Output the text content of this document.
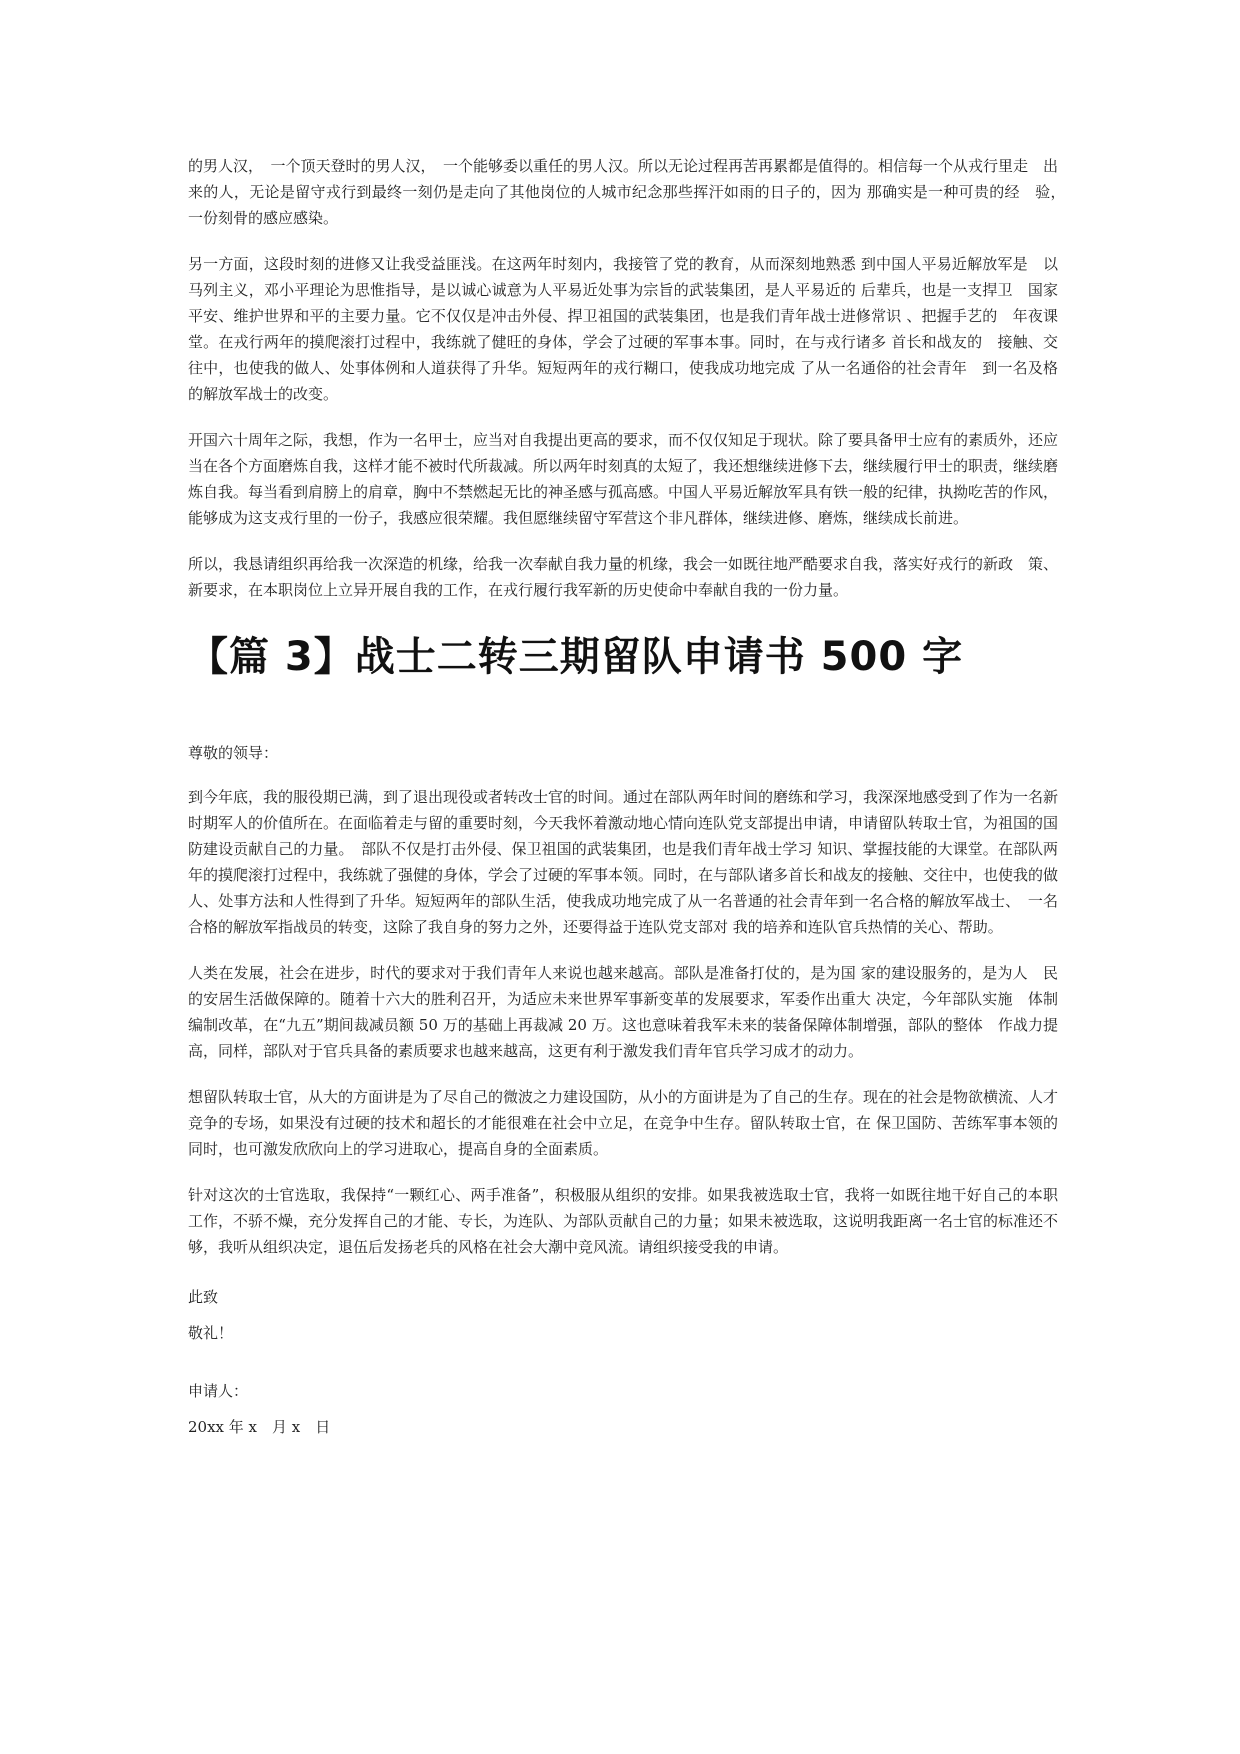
的男人汉，　一个顶天登时的男人汉，　一个能够委以重任的男人汉。所以无论过程再苦再累都是值得的。相信每一个从戎行里走　出来的人，无论是留守戎行到最终一刻仍是走向了其他岗位的人城市纪念那些挥汗如雨的日子的，因为 那确实是一种可贵的经　验，　一份刻骨的感应感染。

另一方面，这段时刻的进修又让我受益匪浅。在这两年时刻内，我接管了党的教育，从而深刻地熟悉 到中国人平易近解放军是　以马列主义，邓小平理论为思惟指导，是以诚心诚意为人平易近处事为宗旨的武装集团，是人平易近的 后辈兵，也是一支捍卫　国家平安、维护世界和平的主要力量。它不仅仅是冲击外侵、捍卫祖国的武装集团，也是我们青年战士进修常识 、把握手艺的　年夜课堂。在戎行两年的摸爬滚打过程中，我练就了健旺的身体，学会了过硬的军事本事。同时，在与戎行诸多 首长和战友的　接触、交往中，也使我的做人、处事体例和人道获得了升华。短短两年的戎行糊口，使我成功地完成 了从一名通俗的社会青年　到一名及格的解放军战士的改变。

开国六十周年之际，我想，作为一名甲士，应当对自我提出更高的要求，而不仅仅知足于现状。除了要具备甲士应有的素质外，还应当在各个方面磨炼自我，这样才能不被时代所裁减。所以两年时刻真的太短了，我还想继续进修下去，继续履行甲士的职责，继续磨炼自我。每当看到肩膀上的肩章，胸中不禁燃起无比的神圣感与孤高感。中国人平易近解放军具有铁一般的纪律，执拗吃苦的作风，能够成为这支戎行里的一份子，我感应很荣耀。我但愿继续留守军营这个非凡群体，继续进修、磨炼，继续成长前进。

所以，我恳请组织再给我一次深造的机缘，给我一次奉献自我力量的机缘，我会一如既往地严酷要求自我，落实好戎行的新政　策、新要求，在本职岗位上立异开展自我的工作，在戎行履行我军新的历史使命中奉献自我的一份力量。

【篇 3】战士二转三期留队申请书 500 字

尊敬的领导：

到今年底，我的服役期已满，到了退出现役或者转改士官的时间。通过在部队两年时间的磨练和学习，我深深地感受到了作为一名新时期军人的价值所在。在面临着走与留的重要时刻，今天我怀着激动地心情向连队党支部提出申请，申请留队转取士官，为祖国的国防建设贡献自己的力量。　部队不仅是打击外侵、保卫祖国的武装集团，也是我们青年战士学习 知识、掌握技能的大课堂。在部队两年的摸爬滚打过程中，我练就了强健的身体，学会了过硬的军事本领。同时，在与部队诸多首长和战友的接触、交往中，也使我的做人、处事方法和人性得到了升华。短短两年的部队生活，使我成功地完成了从一名普通的社会青年到一名合格的解放军战士、　一名合格的解放军指战员的转变，这除了我自身的努力之外，还要得益于连队党支部对 我的培养和连队官兵热情的关心、帮助。

人类在发展，社会在进步，时代的要求对于我们青年人来说也越来越高。部队是准备打仗的，是为国 家的建设服务的，是为人　民的安居生活做保障的。随着十六大的胜利召开，为适应未来世界军事新变革的发展要求，军委作出重大 决定，今年部队实施　体制编制改革，在“九五”期间裁减员额 50 万的基础上再裁减 20 万。这也意味着我军未来的装备保障体制增强，部队的整体　作战力提高，同样，部队对于官兵具备的素质要求也越来越高，这更有利于激发我们青年官兵学习成才的动力。

想留队转取士官，从大的方面讲是为了尽自己的微波之力建设国防，从小的方面讲是为了自己的生存。现在的社会是物欲横流、人才竞争的专场，如果没有过硬的技术和超长的才能很难在社会中立足，在竞争中生存。留队转取士官，在 保卫国防、苦练军事本领的同时，也可激发欣欣向上的学习进取心，提高自身的全面素质。

针对这次的士官选取，我保持“一颗红心、两手准备”，积极服从组织的安排。如果我被选取士官，我将一如既往地干好自己的本职工作，不骄不燥，充分发挥自己的才能、专长，为连队、为部队贡献自己的力量；如果未被选取，这说明我距离一名士官的标准还不够，我听从组织决定，退伍后发扬老兵的风格在社会大潮中竞风流。请组织接受我的申请。

此致

敬礼！

申请人：

20xx 年 x　月 x　日
